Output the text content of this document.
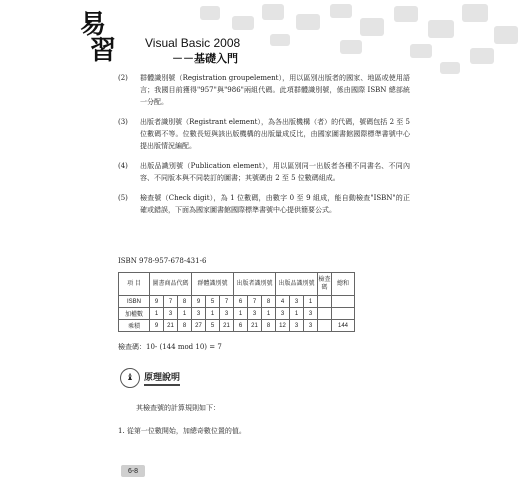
易
習 Visual Basic 2008
－－基礎入門
(2)	群體識別號（Registration groupelement），用以區別出版者的國家、地區或使用語言；我國目前獲得"957"與"986"兩組代碼。此項群體識別號，係由國際 ISBN 總部統一分配。
(3)	出版者識別號（Registrant element），為各出版機構（者）的代碼，號碼包括 2 至 5 位數碼不等。位數長短與該出版機構的出版量成反比，由國家圖書館國際標準書號中心提出版情況編配。
(4)	出版品識別號（Publication element），用以區別同一出版者各種不同書名、不同內容、不同版本與不同裝訂的圖書；其號碼由 2 至 5 位數碼組成。
(5)	檢查號（Check digit），為 1 位數碼，由數字 0 至 9 組成，能自動檢查"ISBN"的正確或錯誤，下面為國家圖書館國際標準書號中心提供簡要公式。
ISBN 978-957-678-431-6
項 目	圖書商品代碼			群體識別號			出版者識別號			出版品識別號			檢查碼	總和
ISBN	9	7	8	9	5	7	6	7	8	4	3	1		
加權數	1	3	1	3	1	3	1	3	1	3	1	3		
乘積	9	21	8	27	5	21	6	21	8	12	3	3		144
檢查碼：10- (144 mod 10) = 7
♝	原理說明
其檢查號的計算規則如下：
1. 從第一位數開始，加總奇數位置的值。
6-8
